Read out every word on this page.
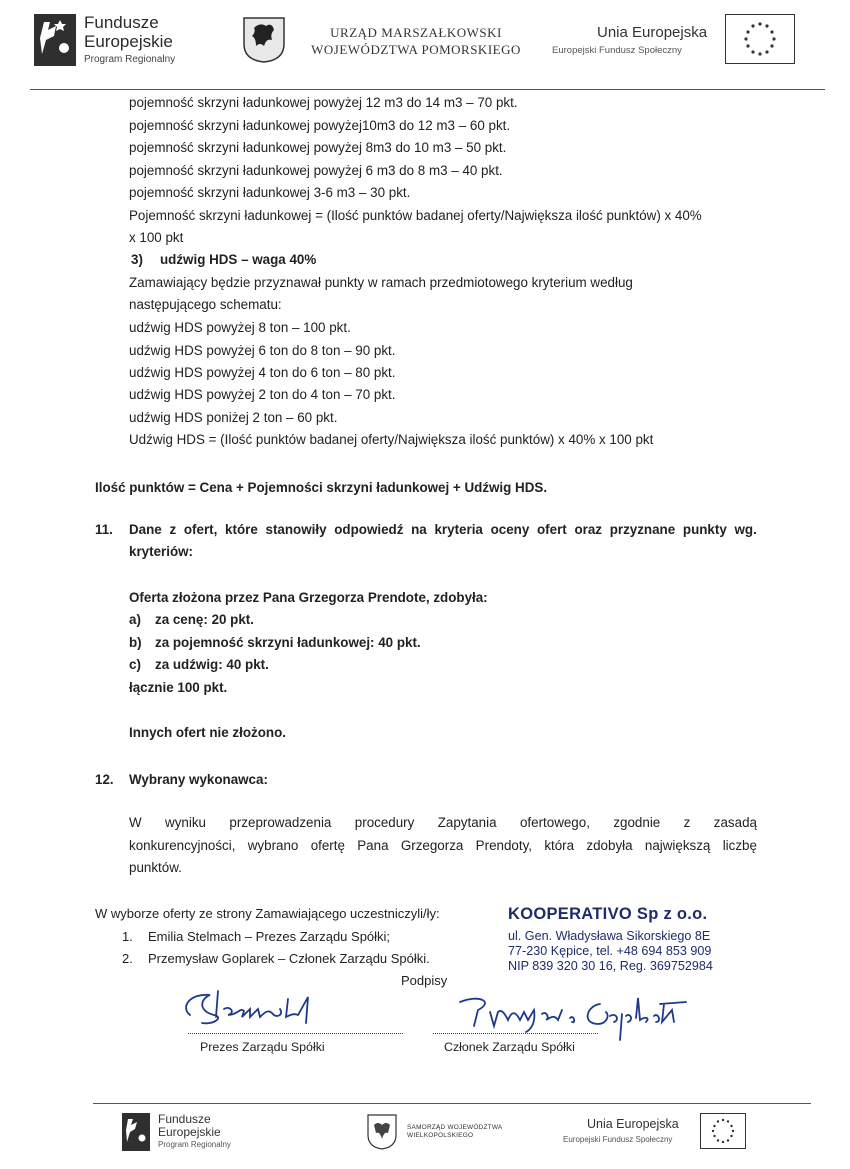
Fundusze
Europejskie
Program Regionalny
URZĄD MARSZAŁKOWSKI
WOJEWÓDZTWA POMORSKIEGO
Unia Europejska
Europejski Fundusz Społeczny
pojemność skrzyni ładunkowej powyżej 12 m3 do 14 m3 – 70 pkt.
pojemność skrzyni ładunkowej powyżej10m3 do 12 m3 – 60 pkt.
pojemność skrzyni ładunkowej powyżej 8m3 do 10 m3 – 50 pkt.
pojemność skrzyni ładunkowej powyżej 6 m3 do 8 m3 – 40 pkt.
pojemność skrzyni ładunkowej 3-6 m3 – 30 pkt.
Pojemność skrzyni ładunkowej = (Ilość punktów badanej oferty/Największa ilość punktów) x 40%
x 100 pkt
3) udźwig HDS – waga 40%
Zamawiający będzie przyznawał punkty w ramach przedmiotowego kryterium według
następującego schematu:
udźwig HDS powyżej 8 ton – 100 pkt.
udźwig HDS powyżej 6 ton do 8 ton – 90 pkt.
udźwig HDS powyżej 4 ton do 6 ton – 80 pkt.
udźwig HDS powyżej 2 ton do 4 ton – 70 pkt.
udźwig HDS poniżej 2 ton – 60 pkt.
Udźwig HDS = (Ilość punktów badanej oferty/Największa ilość punktów) x 40% x 100 pkt
Ilość punktów = Cena + Pojemnośc​i skrzyni ładunkowej + Udźwig HDS.
11. Dane z ofert, które stanowiły odpowiedź na kryteria oceny ofert oraz przyznane punkty wg.
kryteriów:
Oferta złożona przez Pana Grzegorza Prendote, zdobyła:
a) za cenę: 20 pkt.
b) za pojemność skrzyni ładunkowej: 40 pkt.
c) za udźwig: 40 pkt.
łącznie 100 pkt.
Innych ofert nie złożono.
12. Wybrany wykonawca:
W wyniku przeprowadzenia procedury Zapytania ofertowego, zgodnie z zasadą
konkurencyjności, wybrano ofertę Pana Grzegorza Prendoty, która zdobyła największą liczbę
punktów.
W wyborze oferty ze strony Zamawiającego uczestniczyli/ły:
1. Emilia Stelmach – Prezes Zarządu Spółki;
2. Przemysław Goplarek – Członek Zarządu Spółki.
Podpisy
KOOPERATIVO Sp z o.o.
ul. Gen. Władysława Sikorskiego 8E
77-230 Kępice, tel. +48 694 853 909
NIP 839 320 30 16, Reg. 369752984
Prezes Zarządu Spółki	Członek Zarządu Spółki
Fundusze
Europejskie
Program Regionalny
SAMORZĄD WOJEWÓDZTWA
WIELKOPOLSKIEGO
Unia Europejska
Europejski Fundusz Społeczny
